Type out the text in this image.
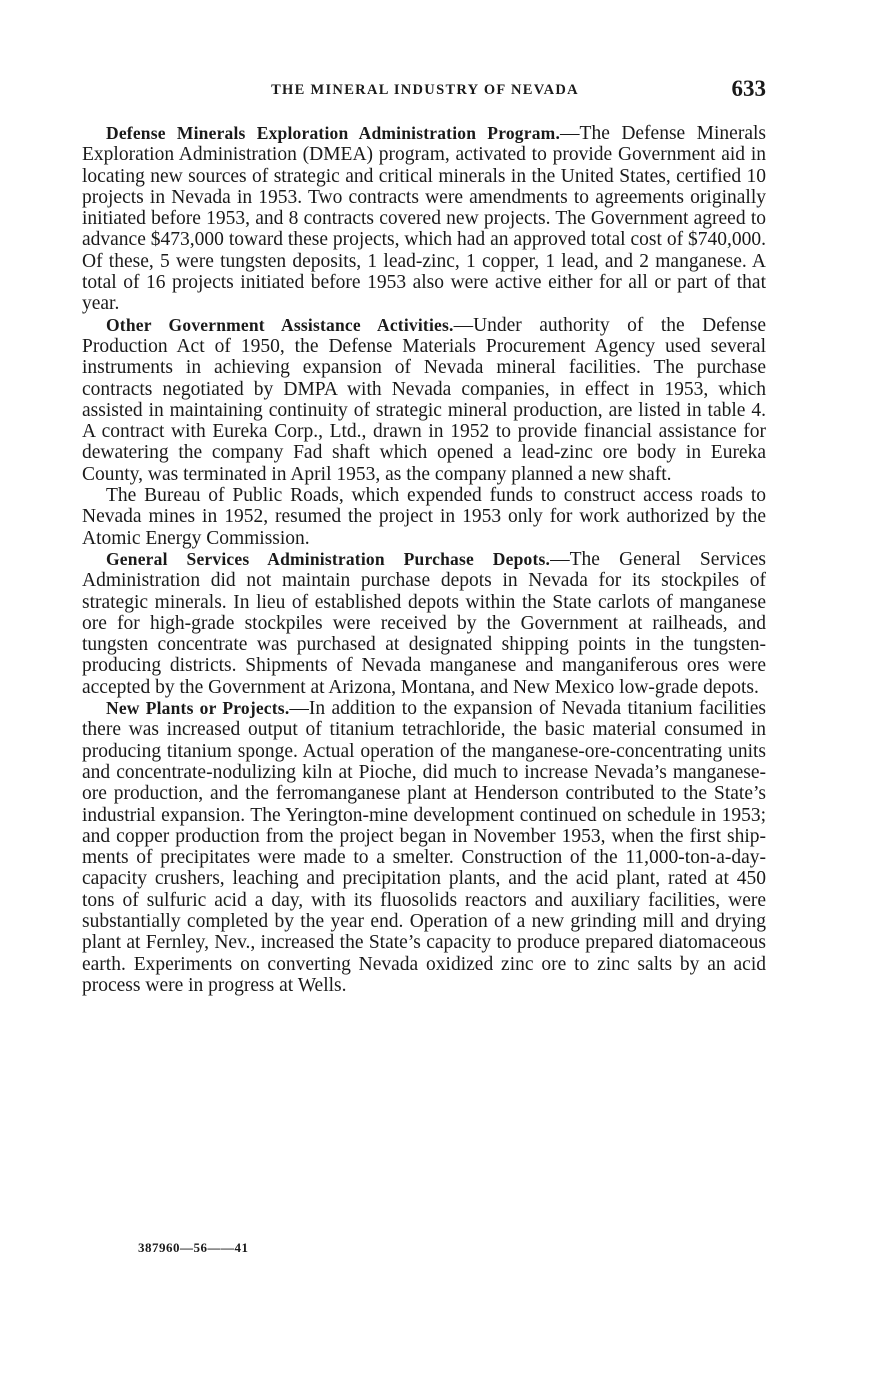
THE MINERAL INDUSTRY OF NEVADA	633

Defense Minerals Exploration Administration Program.—The Defense Minerals Exploration Administration (DMEA) program, activated to provide Government aid in locating new sources of strategic and critical minerals in the United States, certified 10 projects in Nevada in 1953. Two contracts were amendments to agreements originally initiated before 1953, and 8 contracts covered new projects. The Government agreed to advance $473,000 toward these projects, which had an approved total cost of $740,000. Of these, 5 were tungsten deposits, 1 lead-zinc, 1 copper, 1 lead, and 2 manganese. A total of 16 projects initiated before 1953 also were active either for all or part of that year.

Other Government Assistance Activities.—Under authority of the Defense Production Act of 1950, the Defense Materials Procurement Agency used several instruments in achieving expansion of Nevada mineral facilities. The purchase contracts negotiated by DMPA with Nevada companies, in effect in 1953, which assisted in maintaining continuity of strategic mineral production, are listed in table 4. A contract with Eureka Corp., Ltd., drawn in 1952 to provide financial assistance for dewatering the company Fad shaft which opened a lead-zinc ore body in Eureka County, was terminated in April 1953, as the company planned a new shaft.

The Bureau of Public Roads, which expended funds to construct access roads to Nevada mines in 1952, resumed the project in 1953 only for work authorized by the Atomic Energy Commission.

General Services Administration Purchase Depots.—The General Services Administration did not maintain purchase depots in Nevada for its stockpiles of strategic minerals. In lieu of established depots within the State carlots of manganese ore for high-grade stockpiles were received by the Government at railheads, and tungsten concentrate was purchased at designated shipping points in the tungsten-producing districts. Shipments of Nevada manganese and manganiferous ores were accepted by the Government at Arizona, Montana, and New Mexico low-grade depots.

New Plants or Projects.—In addition to the expansion of Nevada titanium facilities there was increased output of titanium tetrachloride, the basic material consumed in producing titanium sponge. Actual operation of the manganese-ore-concentrating units and concentrate-nodulizing kiln at Pioche, did much to increase Nevada’s manganese-ore production, and the ferromanganese plant at Henderson contributed to the State’s industrial expansion. The Yerington-mine development continued on schedule in 1953; and copper production from the project began in November 1953, when the first shipments of precipitates were made to a smelter. Construction of the 11,000-ton-a-day-capacity crushers, leaching and precipitation plants, and the acid plant, rated at 450 tons of sulfuric acid a day, with its fluosolids reactors and auxiliary facilities, were substantially completed by the year end. Operation of a new grinding mill and drying plant at Fernley, Nev., increased the State’s capacity to produce prepared diatomaceous earth. Experiments on converting Nevada oxidized zinc ore to zinc salts by an acid process were in progress at Wells.

387960—56——41
